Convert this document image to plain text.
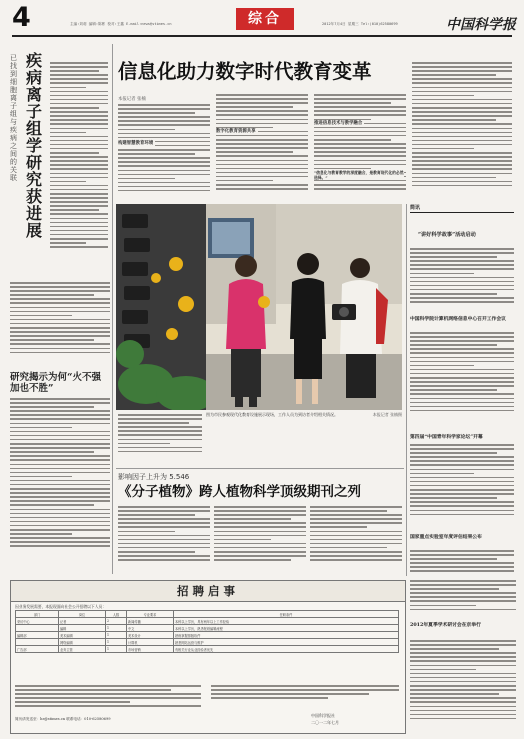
4	主编:刘莉 编辑:陈彬 校对:王鑫 E-mail:news@stimes.cn	综合	2012年7月4日 星期三 Tel:(010)62580699	中国科学报
疾病离子组学研究获进展
已找到细胞离子组与疾病之间的关联
研究揭示为何“火不强加也不胜”
信息化助力数字时代教育变革
本报记者 张楠
构建智慧教育环境
数字化教育资源共享
推进信息技术与教学融合
“信息化与教育教学的深度融合，是教育现代化的必然选择。”
图为市民参观现代化教育设施展示现场，工作人员为到访者介绍相关情况。	本报记者 张楠摄
影响因子上升为 5.546
《分子植物》跨人植物科学顶级期刊之列
简讯
“讲好科学故事”活动启动
中国科学院计算机网络信息中心召开工作会议
第四届“中国青年科学家论坛”开幕
国家重点实验室年度评估结果公布
2012年夏季学术研讨会在京举行
招聘启事
因业务发展需要，本报现面向社会公开招聘以下人员：
部门	岗位	人数	专业要求	任职条件
采访中心	记者	2	新闻传播	本科以上学历，具有两年以上工作经验
	编辑	1	中文	本科以上学历，熟悉报纸编辑流程
编辑部	美术编辑	1	美术设计	熟练掌握排版软件
	网络编辑	1	计算机	熟悉网站运营与维护
广告部	业务主管	1	市场营销	有相关行业从业经验者优先
简历请发送至：hr@stimes.cn 联系电话：010-62580699
中国科学报社
二〇一二年七月
